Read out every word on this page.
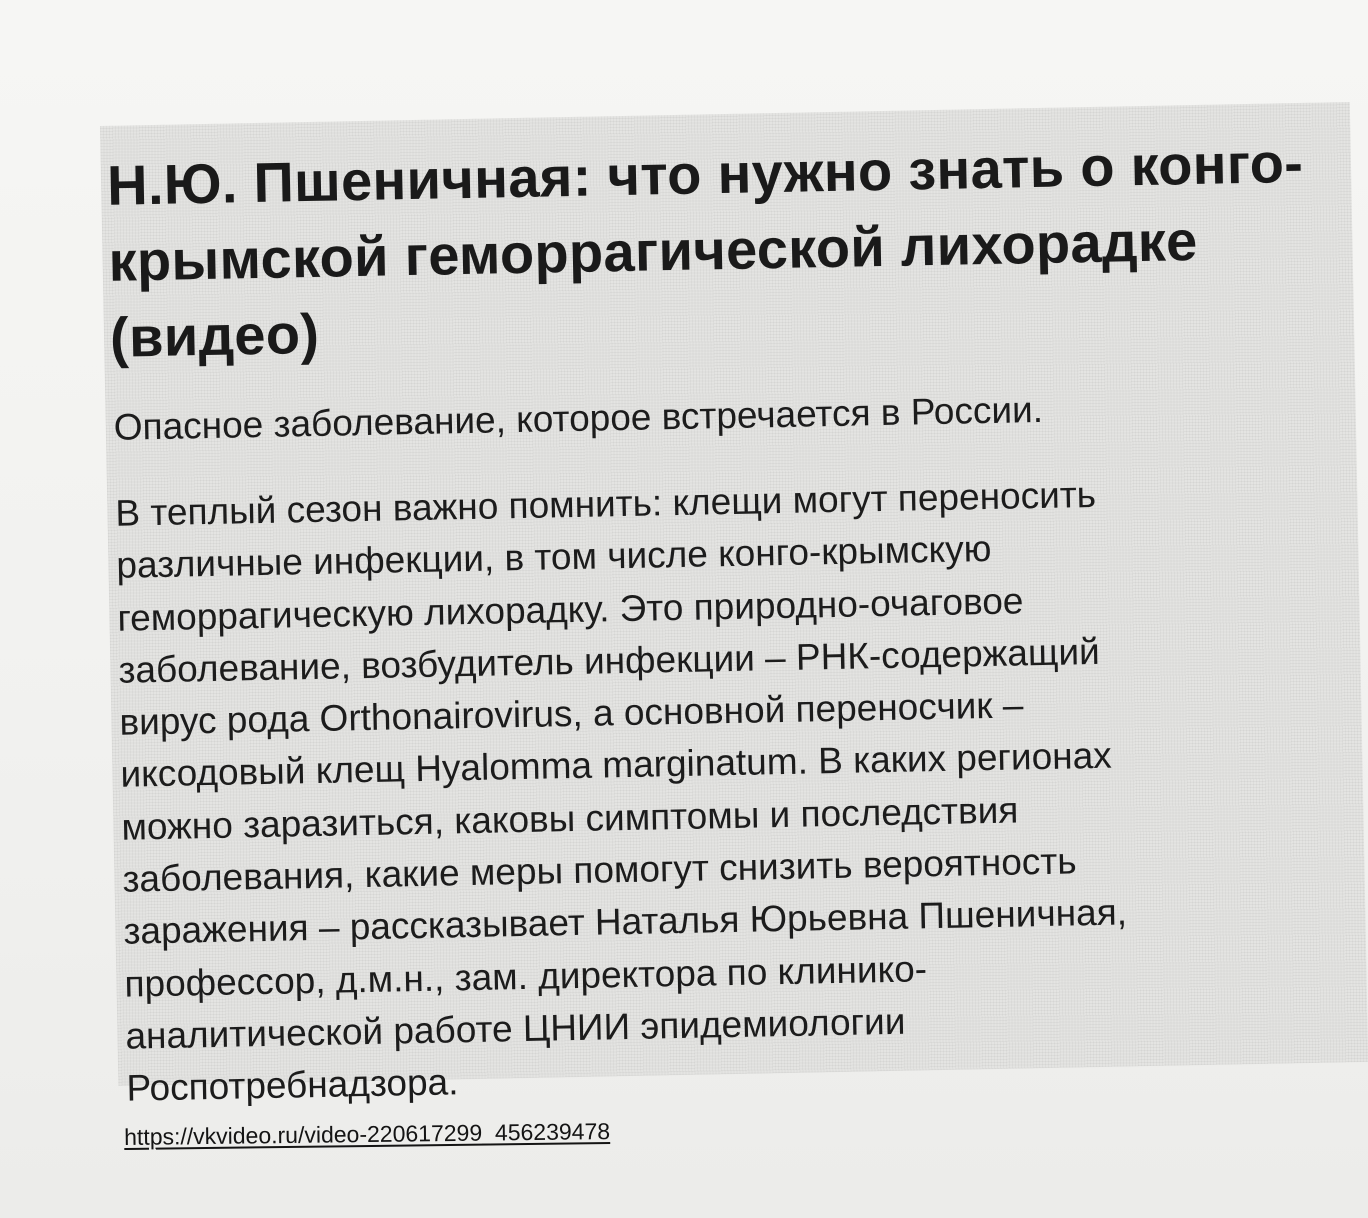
Н.Ю. Пшеничная: что нужно знать о конго-крымской геморрагической лихорадке (видео)

Опасное заболевание, которое встречается в России.

В теплый сезон важно помнить: клещи могут переносить
различные инфекции, в том числе конго-крымскую
геморрагическую лихорадку. Это природно-очаговое
заболевание, возбудитель инфекции – РНК-содержащий
вирус рода Orthonairovirus, а основной переносчик –
иксодовый клещ Hyalomma marginatum. В каких регионах
можно заразиться, каковы симптомы и последствия
заболевания, какие меры помогут снизить вероятность
заражения – рассказывает Наталья Юрьевна Пшеничная,
профессор, д.м.н., зам. директора по клинико-
аналитической работе ЦНИИ эпидемиологии
Роспотребнадзора.

https://vkvideo.ru/video-220617299_456239478
